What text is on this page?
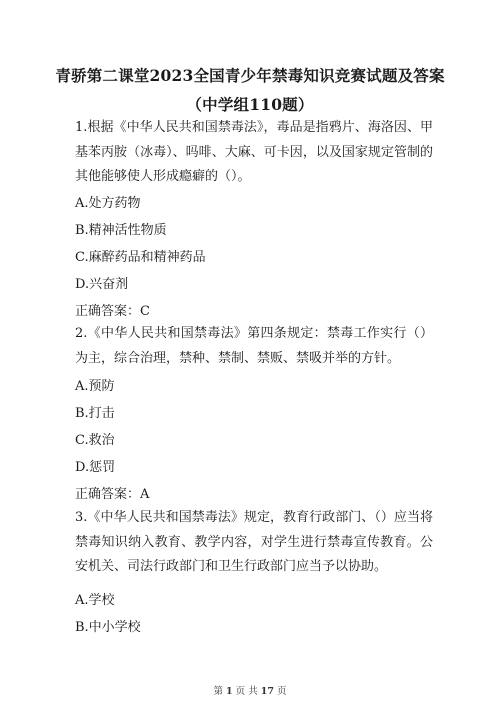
青骄第二课堂2023全国青少年禁毒知识竞赛试题及答案
（中学组110题）
1.根据《中华人民共和国禁毒法》，毒品是指鸦片、海洛因、甲基苯丙胺（冰毒）、吗啡、大麻、可卡因，以及国家规定管制的其他能够使人形成瘾癖的（）。
A.处方药物
B.精神活性物质
C.麻醉药品和精神药品
D.兴奋剂
正确答案：C
2.《中华人民共和国禁毒法》第四条规定：禁毒工作实行（）为主，综合治理，禁种、禁制、禁贩、禁吸并举的方针。
A.预防
B.打击
C.救治
D.惩罚
正确答案：A
3.《中华人民共和国禁毒法》规定，教育行政部门、（）应当将禁毒知识纳入教育、教学内容，对学生进行禁毒宣传教育。公安机关、司法行政部门和卫生行政部门应当予以协助。
A.学校
B.中小学校
第 1 页 共 17 页
